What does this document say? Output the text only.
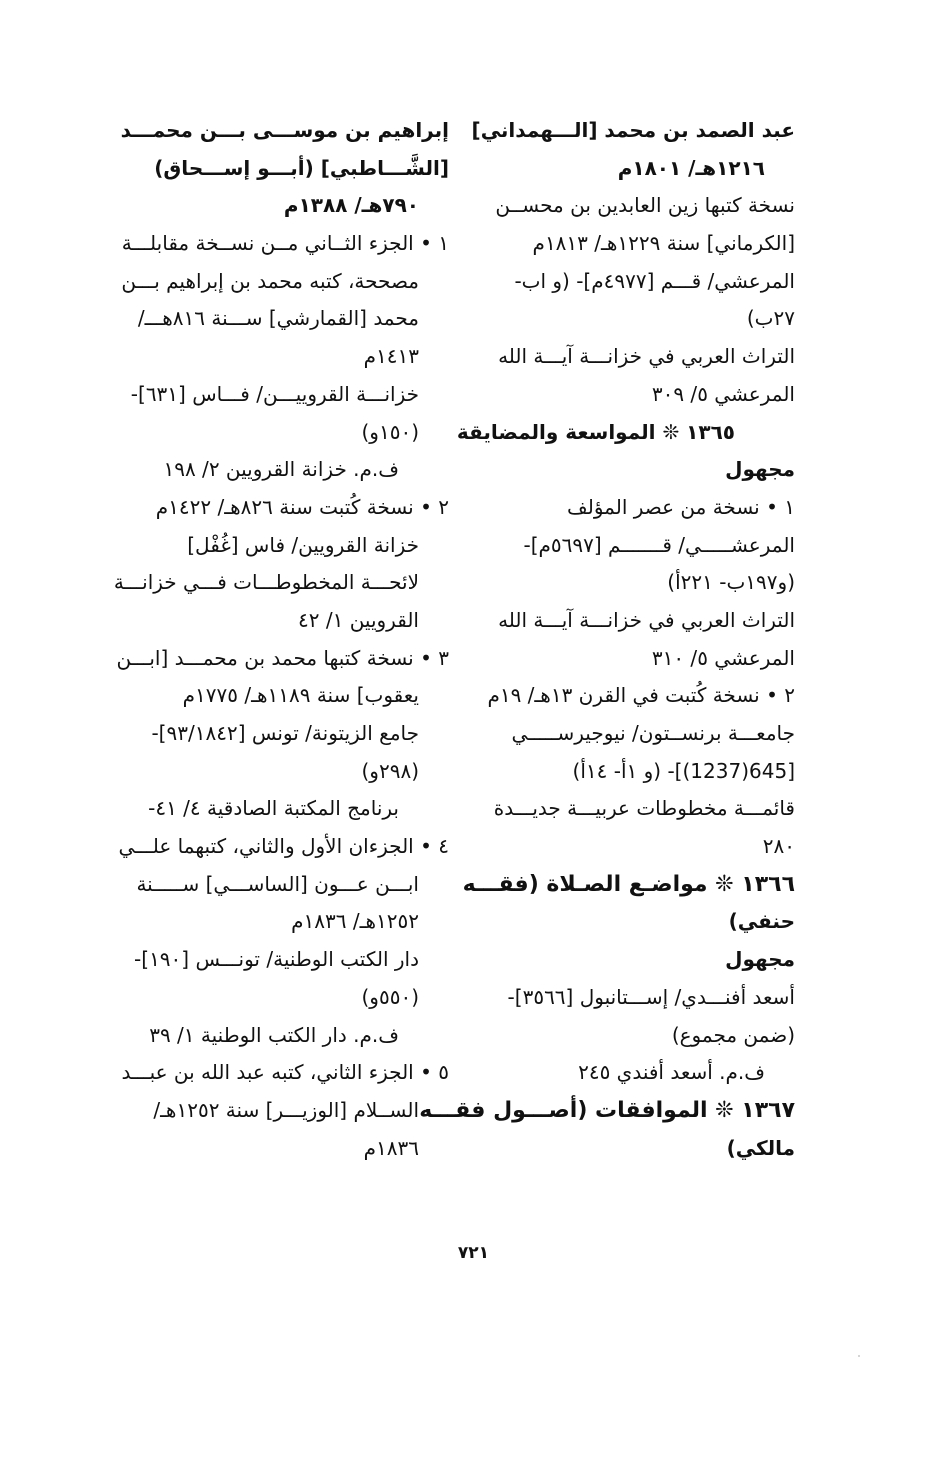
عبد الصمد بن محمد [الـــهمداني]
١٢١٦هـ/ ١٨٠١م
نسخة كتبها زين العابدين بن محســن
[الكرماني] سنة ١٢٢٩هـ/ ١٨١٣م
المرعشي/ قـــم [٤٩٧٧م]- (و اب-
٢٧ب)
التراث العربي في خزانـــة آيـــة الله
المرعشي ٥/ ٣٠٩
١٣٦٥ ❊ المواسعة والمضايقة
مجهول
١ • نسخة من عصر المؤلف
المرعشـــــي/ قـــــــم [٥٦٩٧م]-
(و١٩٧ب- ٢٢١أ)
التراث العربي في خزانـــة آيـــة الله
المرعشي ٥/ ٣١٠
٢ • نسخة كُتبت في القرن ١٣هـ/ ١٩م
جامعـــة برنســتون/ نيوجيرســـــي
[645(1237)]- (و ١أ- ١٤أ)
قائمـــة مخطوطات عربيـــة جديـــدة
٢٨٠
١٣٦٦ ❊ مواضـع الصـلاة (فقـــه
حنفي)
مجهول
أسعد أفنـــدي/ إســـتانبول [٣٥٦٦]-
(ضمن مجموع)
ف.م. أسعد أفندي ٢٤٥
١٣٦٧ ❊ الموافقات (أصـــول فقـــه
مالكي)
إبراهيم بن موســـى بـــن محمـــد
[الشَّـــاطبي] (أبـــو إســـحاق)
٧٩٠هـ/ ١٣٨٨م
١ • الجزء الثــاني مــن نســخة مقابلـــة
مصححة، كتبه محمد بن إبراهيم بـــن
محمد [القمارشي] ســـنة ٨١٦هـــ/
١٤١٣م
خزانـــة القروييـــن/ فـــاس [٦٣١]-
(١٥٠و)
ف.م. خزانة القرويين ٢/ ١٩٨
٢ • نسخة كُتبت سنة ٨٢٦هـ/ ١٤٢٢م
خزانة القرويين/ فاس [غُفْل]
لائحـــة المخطوطـــات فـــي خزانـــة
القرويين ١/ ٤٢
٣ • نسخة كتبها محمد بن محمـــد [ابـــن
يعقوب] سنة ١١٨٩هـ/ ١٧٧٥م
جامع الزيتونة/ تونس [٩٣/١٨٤٢]-
(٢٩٨و)
برنامج المكتبة الصادقية ٤/ ٤١-
٤ • الجزءان الأول والثاني، كتبهما علـــي
ابـــن عـــون [الساســـي] ســـــنة
١٢٥٢هـ/ ١٨٣٦م
دار الكتب الوطنية/ تونـــس [١٩٠]-
(٥٥٠و)
ف.م. دار الكتب الوطنية ١/ ٣٩
٥ • الجزء الثاني، كتبه عبد الله بن عبـــد
الســلام [الوزيـــر] سنة ١٢٥٢هـ/
١٨٣٦م
٧٢١
